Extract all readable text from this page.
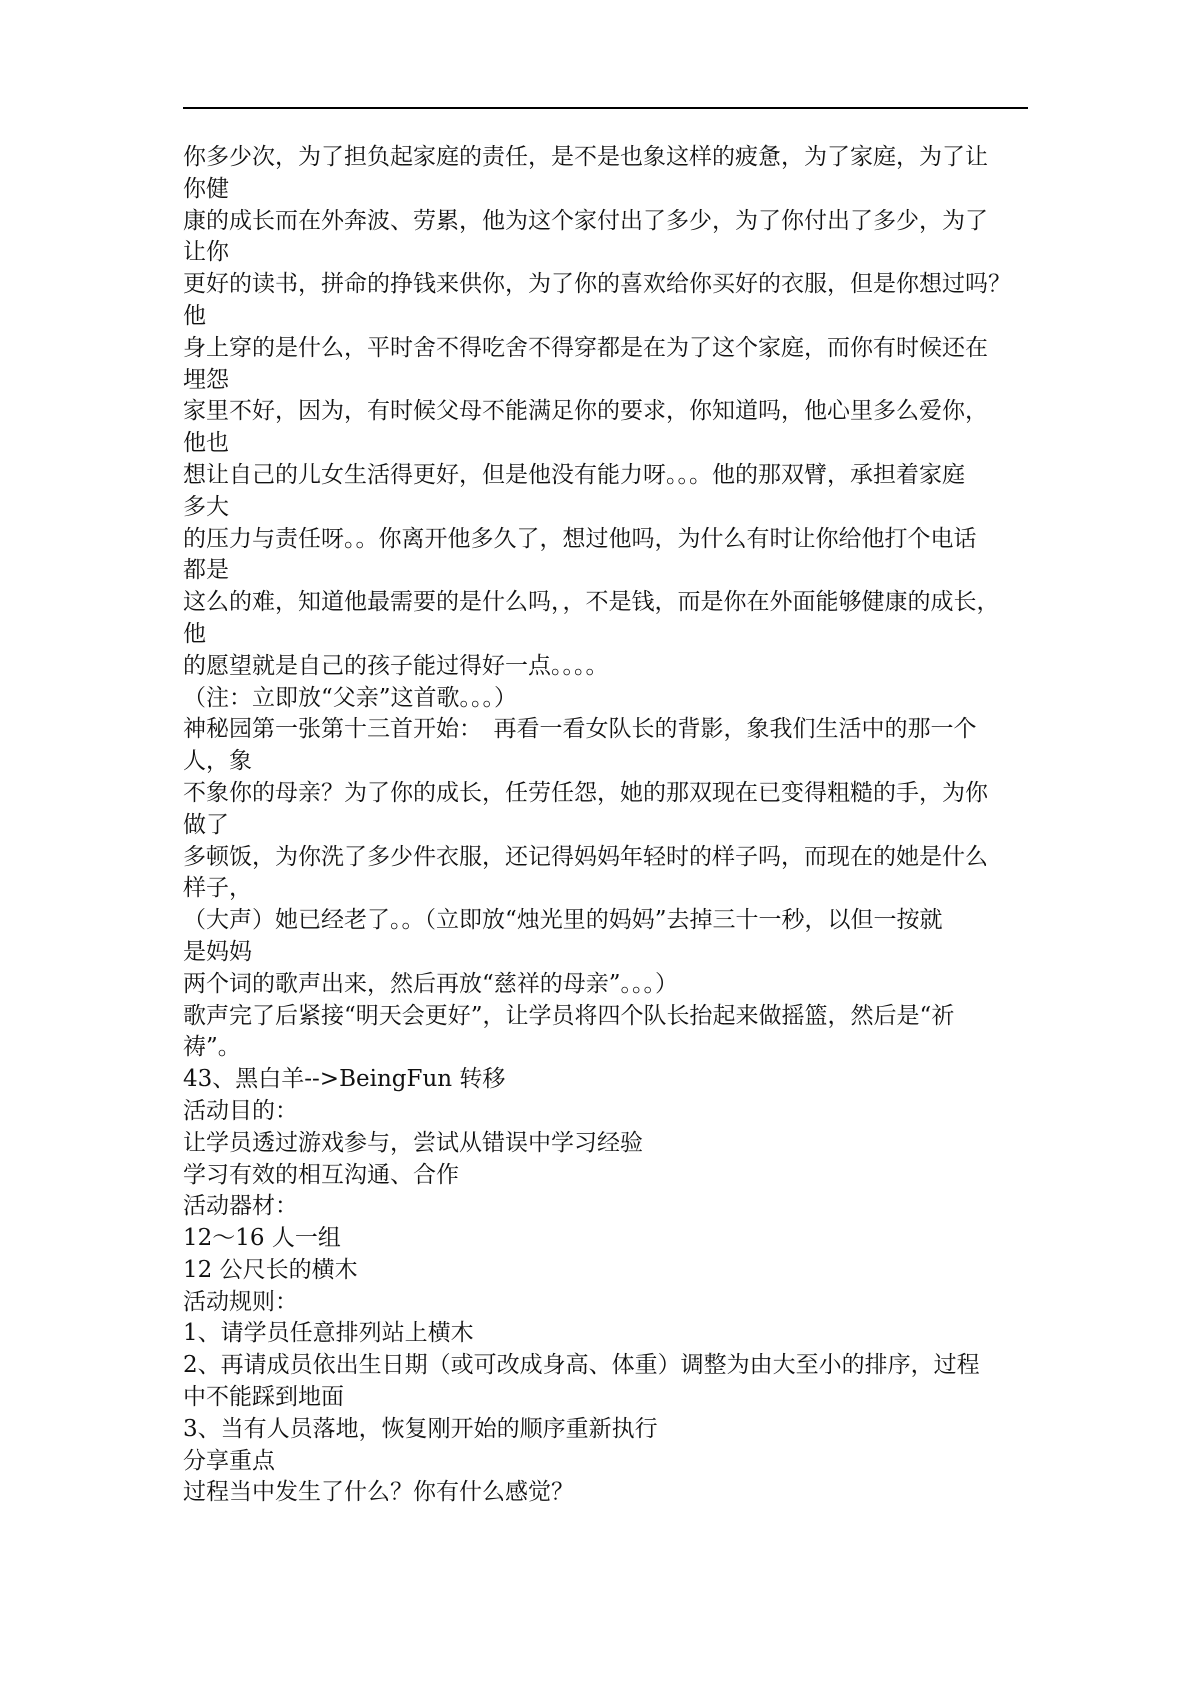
你多少次，为了担负起家庭的责任，是不是也象这样的疲惫，为了家庭，为了让
你健
康的成长而在外奔波、劳累，他为这个家付出了多少，为了你付出了多少，为了
让你
更好的读书，拼命的挣钱来供你，为了你的喜欢给你买好的衣服，但是你想过吗？
他
身上穿的是什么，平时舍不得吃舍不得穿都是在为了这个家庭，而你有时候还在
埋怨
家里不好，因为，有时候父母不能满足你的要求，你知道吗，他心里多么爱你，
他也
想让自己的儿女生活得更好，但是他没有能力呀。。。他的那双臂，承担着家庭
多大
的压力与责任呀。。你离开他多久了，想过他吗，为什么有时让你给他打个电话
都是
这么的难，知道他最需要的是什么吗，，不是钱，而是你在外面能够健康的成长，
他
的愿望就是自己的孩子能过得好一点。。。。
（注：立即放“父亲”这首歌。。。）
神秘园第一张第十三首开始：　再看一看女队长的背影，象我们生活中的那一个
人，象
不象你的母亲？为了你的成长，任劳任怨，她的那双现在已变得粗糙的手，为你
做了
多顿饭，为你洗了多少件衣服，还记得妈妈年轻时的样子吗，而现在的她是什么
样子，
（大声）她已经老了。。（立即放“烛光里的妈妈”去掉三十一秒，以但一按就
是妈妈
两个词的歌声出来，然后再放“慈祥的母亲”。。。）
歌声完了后紧接“明天会更好”，让学员将四个队长抬起来做摇篮，然后是“祈
祷”。
43、黑白羊-->BeingFun 转移
活动目的：
让学员透过游戏参与，尝试从错误中学习经验
学习有效的相互沟通、合作
活动器材：
12～16 人一组
12 公尺长的横木
活动规则：
1、请学员任意排列站上横木
2、再请成员依出生日期（或可改成身高、体重）调整为由大至小的排序，过程
中不能踩到地面
3、当有人员落地，恢复刚开始的顺序重新执行
分享重点
过程当中发生了什么？你有什么感觉？
